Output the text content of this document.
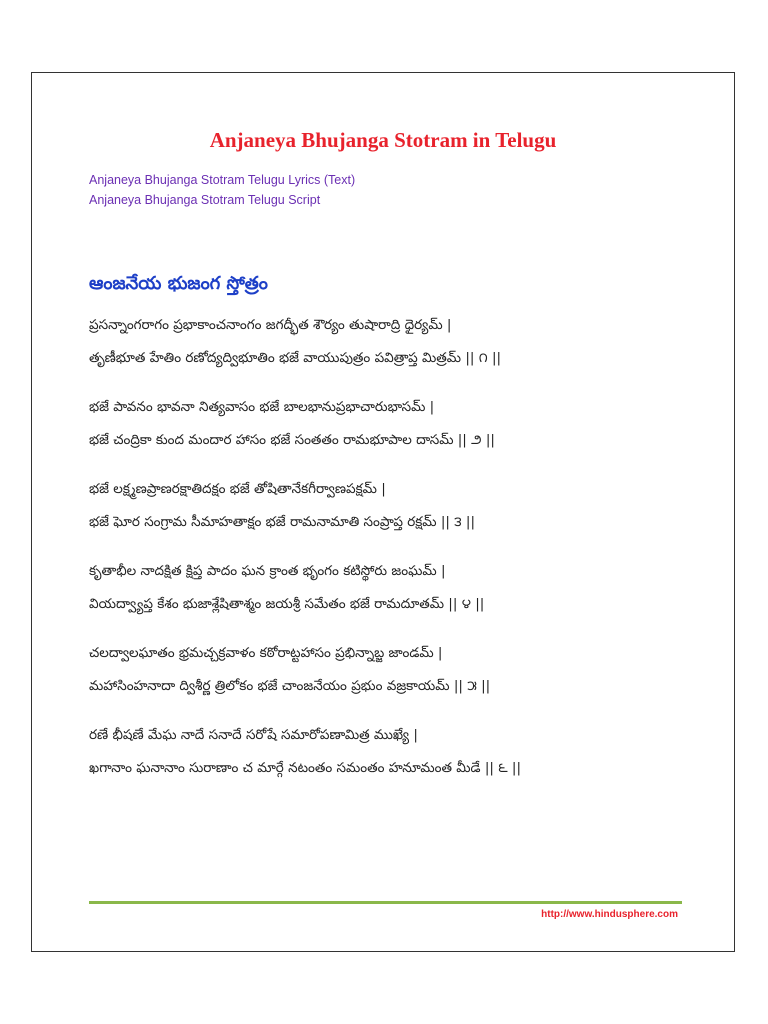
Anjaneya Bhujanga Stotram in Telugu
Anjaneya Bhujanga Stotram Telugu Lyrics (Text)
Anjaneya Bhujanga Stotram Telugu Script
ఆంజనేయ భుజంగ స్తోత్రం
ప్రసన్నాంగరాగం ప్రభాకాంచనాంగం జగద్భీత శౌర్యం తుషారాద్రి ధైర్యమ్ |
తృణీభూత హేతిం రణోద్యద్విభూతిం భజే వాయుపుత్రం పవిత్రాప్త మిత్రమ్ || ౧ ||
భజే పావనం భావనా నిత్యవాసం భజే బాలభానుప్రభాచారుభాసమ్ |
భజే చంద్రికా కుంద మందార హాసం భజే సంతతం రామభూపాల దాసమ్ || ౨ ||
భజే లక్ష్మణప్రాణరక్షాతిదక్షం భజే తోషితానేకగీర్వాణపక్షమ్ |
భజే ఘోర సంగ్రామ సీమాహతాక్షం భజే రామనామాతి సంప్రాప్త రక్షమ్ || ౩ ||
కృతాభీల నాదక్షిత క్షిప్త పాదం ఘన క్రాంత భృంగం కటిస్థోరు జంఘమ్ |
వియద్వ్యాప్త కేశం భుజాశ్లేషితాశ్మం జయశ్రీ సమేతం భజే రామదూతమ్ || ౪ ||
చలద్వాలఘాతం భ్రమచ్చక్రవాళం కఠోరాట్టహాసం ప్రభిన్నాబ్జ జాండమ్ |
మహాసింహనాదా ద్విశీర్ణ త్రిలోకం భజే చాంజనేయం ప్రభుం వజ్రకాయమ్ || ౫ ||
రణే భీషణే మేఘ నాదే సనాదే సరోషే సమారోపణామిత్ర ముఖ్యే |
ఖగానాం ఘనానాం సురాణాం చ మార్గే నటంతం సమంతం హనూమంత మీడే || ౬ ||
http://www.hindusphere.com
